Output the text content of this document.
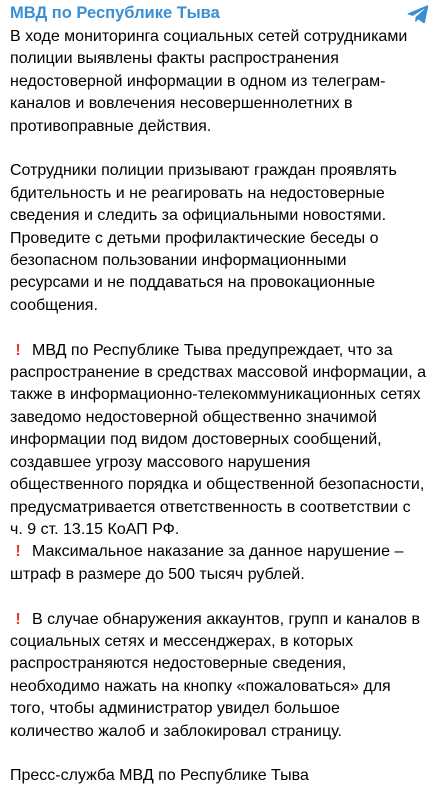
МВД по Республике Тыва

В ходе мониторинга социальных сетей сотрудниками полиции выявлены факты распространения недостоверной информации в одном из телеграм-каналов и вовлечения несовершеннолетних в противоправные действия.

Сотрудники полиции призывают граждан проявлять бдительность и не реагировать на недостоверные сведения и следить за официальными новостями. Проведите с детьми профилактические беседы о безопасном пользовании информационными ресурсами и не поддаваться на провокационные сообщения.

! МВД по Республике Тыва предупреждает, что за распространение в средствах массовой информации, а также в информационно-телекоммуникационных сетях заведомо недостоверной общественно значимой информации под видом достоверных сообщений, создавшее угрозу массового нарушения общественного порядка и общественной безопасности, предусматривается ответственность в соответствии с ч. 9 ст. 13.15 КоАП РФ.

! Максимальное наказание за данное нарушение – штраф в размере до 500 тысяч рублей.

! В случае обнаружения аккаунтов, групп и каналов в социальных сетях и мессенджерах, в которых распространяются недостоверные сведения, необходимо нажать на кнопку «пожаловаться» для того, чтобы администратор увидел большое количество жалоб и заблокировал страницу.

Пресс-служба МВД по Республике Тыва
